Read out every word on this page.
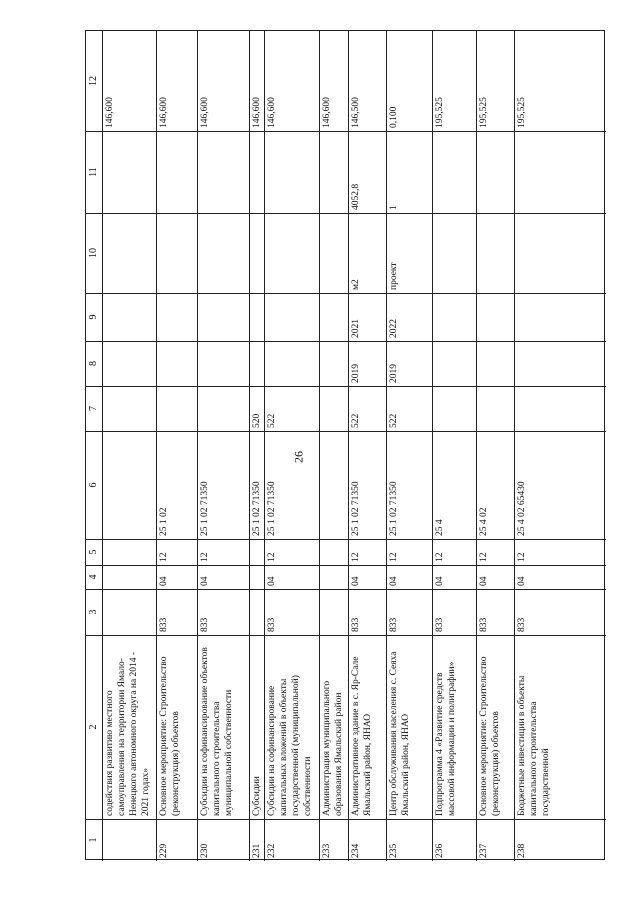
26
1
2
3
4
5
6
7
8
9
10
11
12
содействия развитию местного самоуправления на территории Ямало-Ненецкого автономного округа на 2014 - 2021 годах»
146,600
229
Основное мероприятие: Строительство (реконструкция) объектов
833
04
12
25 1 02
146,600
230
Субсидии на софинансирование объектов капитального строительства муниципальной собственности
833
04
12
25 1 02 71350
146,600
231
Субсидии
25 1 02 71350
520
146,600
232
Субсидии на софинансирование капитальных вложений в объекты государственной (муниципальной) собственности
833
04
12
25 1 02 71350
522
146,600
233
Администрация муниципального образования Ямальский район
146,600
234
Административное здание в с. Яр-Сале Ямальский район, ЯНАО
833
04
12
25 1 02 71350
522
2019
2021
м2
4052,8
146,500
235
Центр обслуживания населения с. Сеяха Ямальский район, ЯНАО
833
04
12
25 1 02 71350
522
2019
2022
проект
1
0,100
236
Подпрограмма 4 «Развитие средств массовой информации и полиграфии»
833
04
12
25 4
195,525
237
Основное мероприятие: Строительство (реконструкция) объектов
833
04
12
25 4 02
195,525
238
Бюджетные инвестиции в объекты капитального строительства государственной
833
04
12
25 4 02 65430
195,525
